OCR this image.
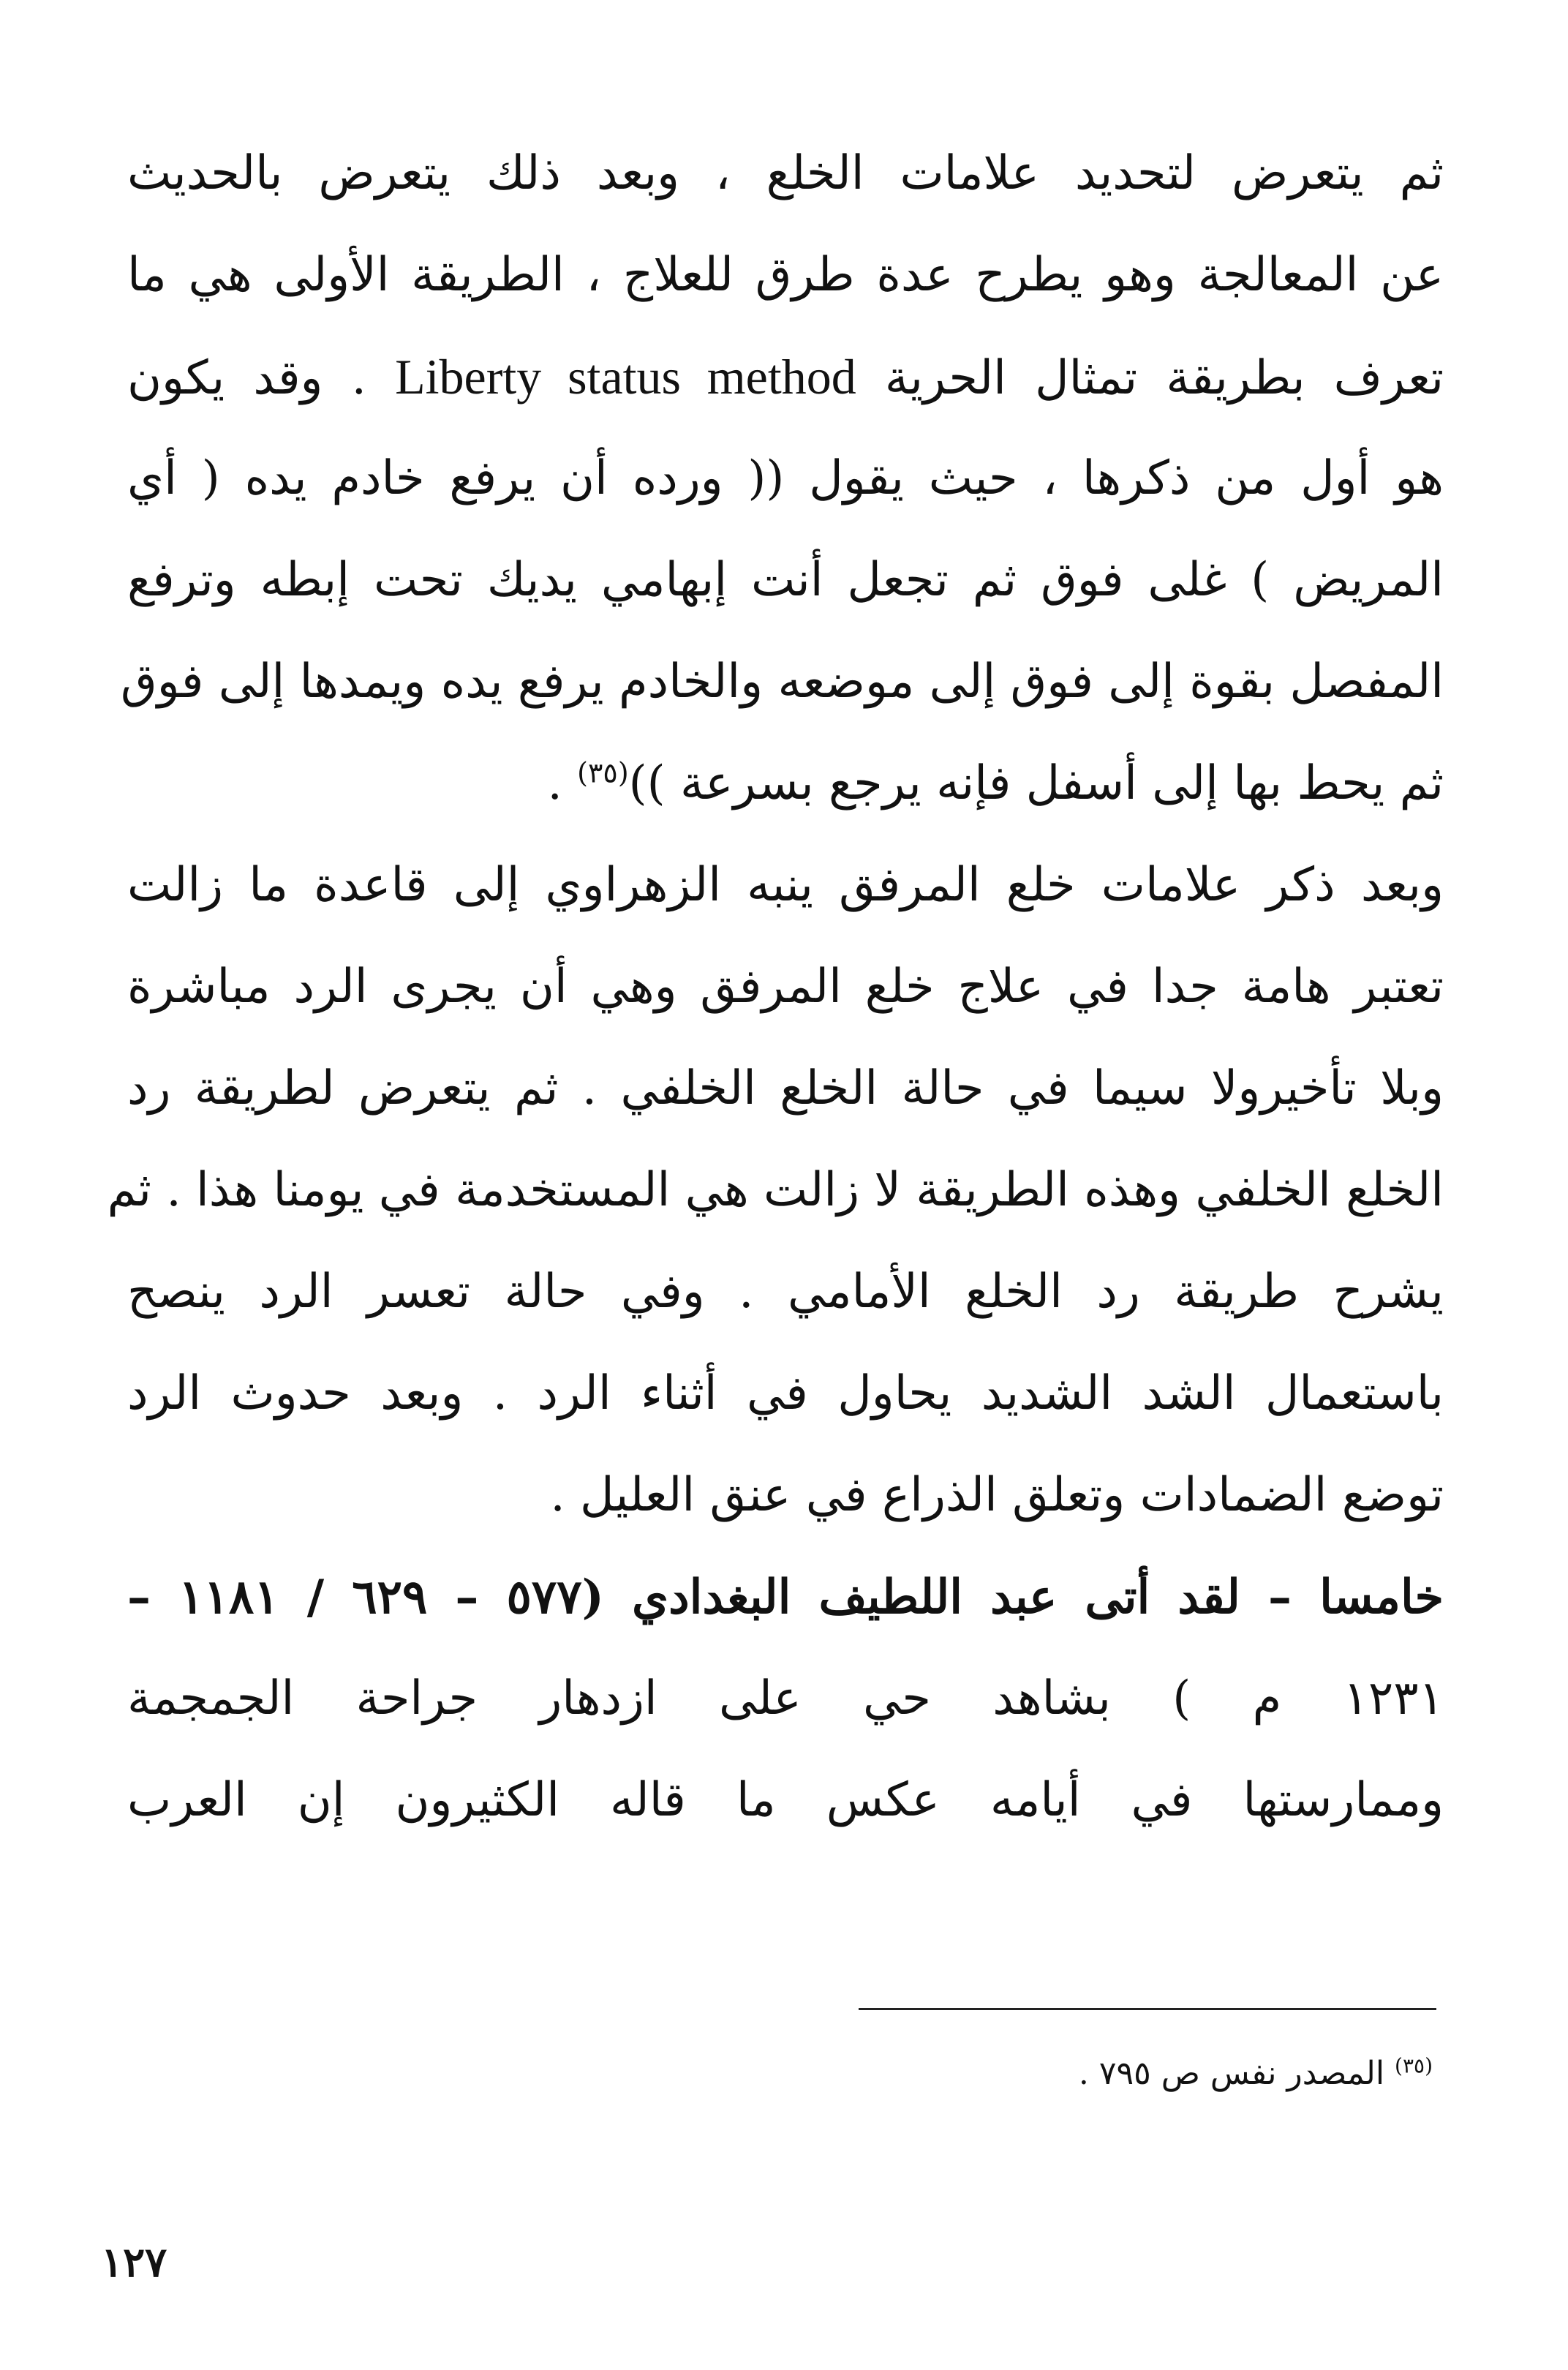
ثم يتعرض لتحديد علامات الخلع ، وبعد ذلك يتعرض بالحديث
عن المعالجة وهو يطرح عدة طرق للعلاج ، الطريقة الأولى هي ما
تعرف بطريقة تمثال الحرية Liberty status method . وقد يكون
هو أول من ذكرها ، حيث يقول (( ورده أن يرفع خادم يده ( أي
المريض ) غلى فوق ثم تجعل أنت إبهامي يديك تحت إبطه وترفع
المفصل بقوة إلى فوق إلى موضعه والخادم يرفع يده ويمدها إلى فوق
ثم يحط بها إلى أسفل فإنه يرجع بسرعة ))$^{(٣٥)}$ .
وبعد ذكر علامات خلع المرفق ينبه الزهراوي إلى قاعدة ما زالت
تعتبر هامة جدا في علاج خلع المرفق وهي أن يجرى الرد مباشرة
وبلا تأخيرولا سيما في حالة الخلع الخلفي . ثم يتعرض لطريقة رد
الخلع الخلفي وهذه الطريقة لا زالت هي المستخدمة في يومنا هذا . ثم
يشرح طريقة رد الخلع الأمامي . وفي حالة تعسر الرد ينصح
باستعمال الشد الشديد يحاول في أثناء الرد . وبعد حدوث الرد
توضع الضمادات وتعلق الذراع في عنق العليل .
خامسا – لقد أتى عبد اللطيف البغدادي (٥٧٧ – ٦٢٩ / ١١٨١ –
١٢٣١ م ) بشاهد حي على ازدهار جراحة الجمجمة
وممارستها في أيامه عكس ما قاله الكثيرون إن العرب
$^{(٣٥)}$ المصدر نفس ص ٧٩٥ .
١٢٧
